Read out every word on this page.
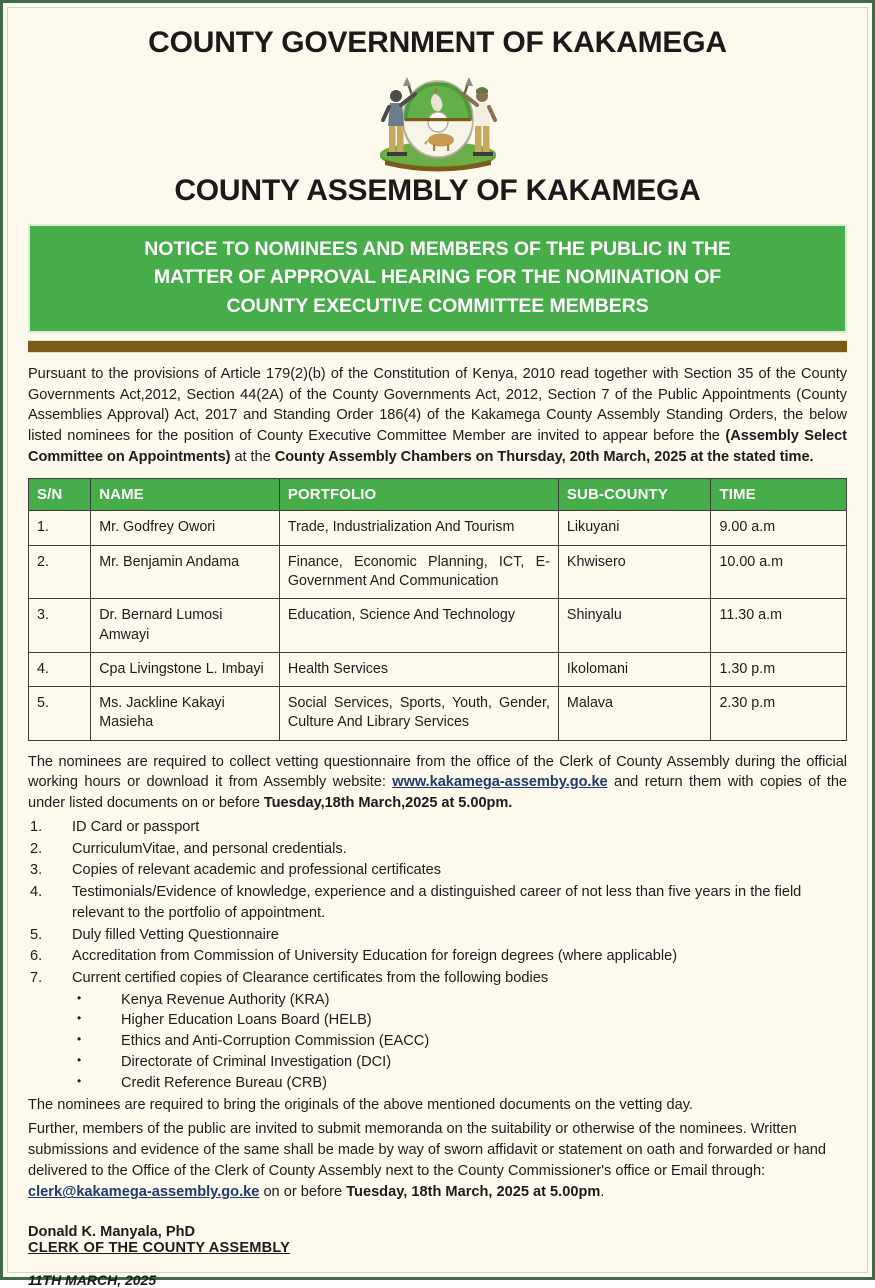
COUNTY GOVERNMENT OF KAKAMEGA
COUNTY ASSEMBLY OF KAKAMEGA
NOTICE TO NOMINEES AND MEMBERS OF THE PUBLIC IN THE
MATTER OF APPROVAL HEARING FOR THE NOMINATION OF
COUNTY EXECUTIVE COMMITTEE MEMBERS
Pursuant to the provisions of Article 179(2)(b) of the Constitution of Kenya, 2010 read together with Section 35 of the County Governments Act,2012, Section 44(2A) of the County Governments Act, 2012, Section 7 of the Public Appointments (County Assemblies Approval) Act, 2017 and Standing Order 186(4) of the Kakamega County Assembly Standing Orders, the below listed nominees for the position of County Executive Committee Member are invited to appear before the (Assembly Select Committee on Appointments) at the County Assembly Chambers on Thursday, 20th March, 2025 at the stated time.
S/N	NAME	PORTFOLIO	SUB-COUNTY	TIME
1.	Mr. Godfrey Owori	Trade, Industrialization And Tourism	Likuyani	9.00 a.m
2.	Mr. Benjamin Andama	Finance, Economic Planning, ICT, E-Government And Communication	Khwisero	10.00 a.m
3.	Dr. Bernard Lumosi Amwayi	Education, Science And Technology	Shinyalu	11.30 a.m
4.	Cpa Livingstone L. Imbayi	Health Services	Ikolomani	1.30 p.m
5.	Ms. Jackline Kakayi Masieha	Social Services, Sports, Youth, Gender, Culture And Library Services	Malava	2.30 p.m
The nominees are required to collect vetting questionnaire from the office of the Clerk of County Assembly during the official working hours or download it from Assembly website: www.kakamega-assemby.go.ke and return them with copies of the under listed documents on or before Tuesday,18th March,2025 at 5.00pm.
1.	ID Card or passport
2.	CurriculumVitae, and personal credentials.
3.	Copies of relevant academic and professional certificates
4.	Testimonials/Evidence of knowledge, experience and a distinguished career of not less than five years in the field relevant to the portfolio of appointment.
5.	Duly filled Vetting Questionnaire
6.	Accreditation from Commission of University Education for foreign degrees (where applicable)
7.	Current certified copies of Clearance certificates from the following bodies
•	Kenya Revenue Authority (KRA)
•	Higher Education Loans Board (HELB)
•	Ethics and Anti-Corruption Commission (EACC)
•	Directorate of Criminal Investigation (DCI)
•	Credit Reference Bureau (CRB)
The nominees are required to bring the originals of the above mentioned documents on the vetting day.
Further, members of the public are invited to submit memoranda on the suitability or otherwise of the nominees. Written submissions and evidence of the same shall be made by way of sworn affidavit or statement on oath and forwarded or hand delivered to the Office of the Clerk of County Assembly next to the County Commissioner's office or Email through: clerk@kakamega-assembly.go.ke on or before Tuesday, 18th March, 2025 at 5.00pm.
Donald K. Manyala, PhD
CLERK OF THE COUNTY ASSEMBLY
11TH MARCH, 2025
